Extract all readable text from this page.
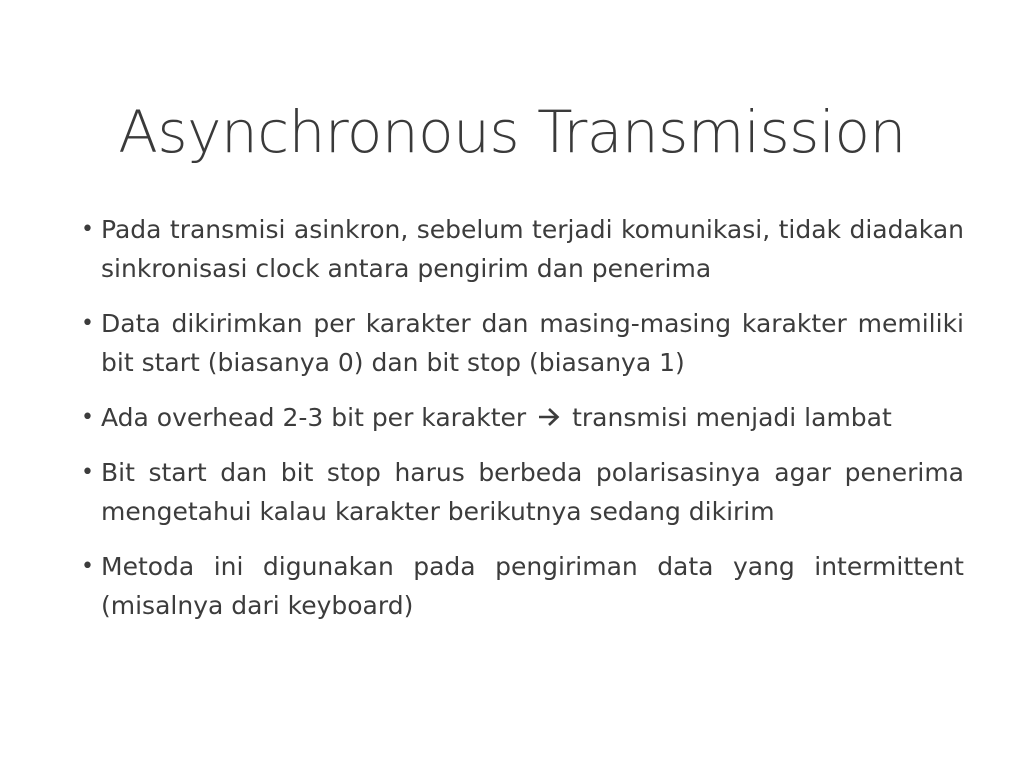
Asynchronous Transmission
• Pada transmisi asinkron, sebelum terjadi komunikasi, tidak diadakan sinkronisasi clock antara pengirim dan penerima
• Data dikirimkan per karakter dan masing-masing karakter memiliki bit start (biasanya 0) dan bit stop (biasanya 1)
• Ada overhead 2-3 bit per karakter transmisi menjadi lambat
• Bit start dan bit stop harus berbeda polarisasinya agar penerima mengetahui kalau karakter berikutnya sedang dikirim
• Metoda ini digunakan pada pengiriman data yang intermittent (misalnya dari keyboard)
